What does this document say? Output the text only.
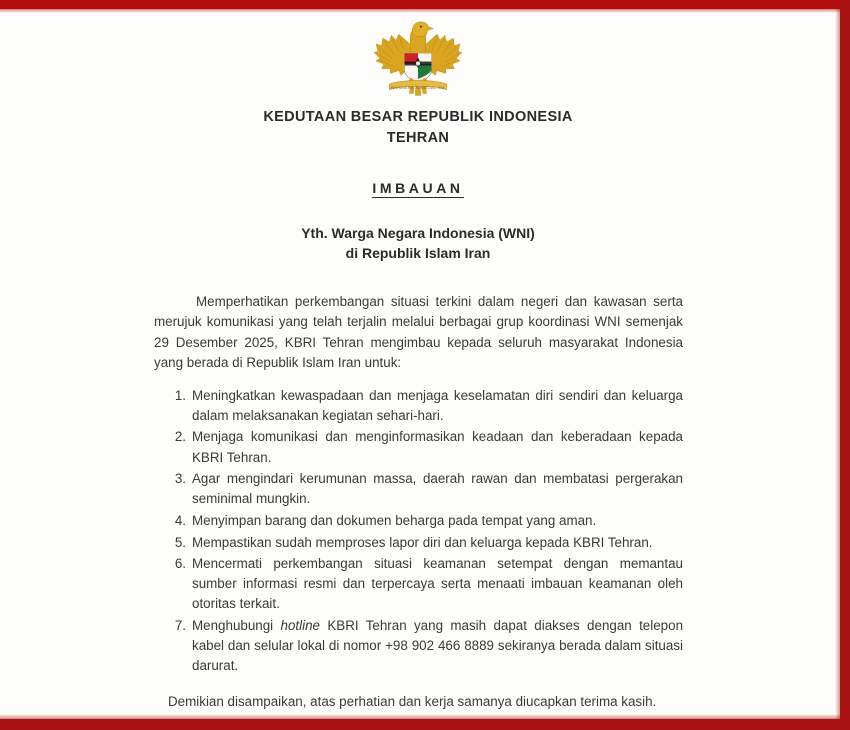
BHINNEKA TUNGGAL IKA
KEDUTAAN BESAR REPUBLIK INDONESIA
TEHRAN
IMBAUAN
Yth. Warga Negara Indonesia (WNI)
di Republik Islam Iran

Memperhatikan perkembangan situasi terkini dalam negeri dan kawasan serta merujuk komunikasi yang telah terjalin melalui berbagai grup koordinasi WNI semenjak 29 Desember 2025, KBRI Tehran mengimbau kepada seluruh masyarakat Indonesia yang berada di Republik Islam Iran untuk:

Meningkatkan kewaspadaan dan menjaga keselamatan diri sendiri dan keluarga dalam melaksanakan kegiatan sehari-hari.
Menjaga komunikasi dan menginformasikan keadaan dan keberadaan kepada KBRI Tehran.
Agar mengindari kerumunan massa, daerah rawan dan membatasi pergerakan seminimal mungkin.
Menyimpan barang dan dokumen beharga pada tempat yang aman.
Mempastikan sudah memproses lapor diri dan keluarga kepada KBRI Tehran.
Mencermati perkembangan situasi keamanan setempat dengan memantau sumber informasi resmi dan terpercaya serta menaati imbauan keamanan oleh otoritas terkait.
Menghubungi hotline KBRI Tehran yang masih dapat diakses dengan telepon kabel dan selular lokal di nomor +98 902 466 8889 sekiranya berada dalam situasi darurat.

Demikian disampaikan, atas perhatian dan kerja samanya diucapkan terima kasih.
